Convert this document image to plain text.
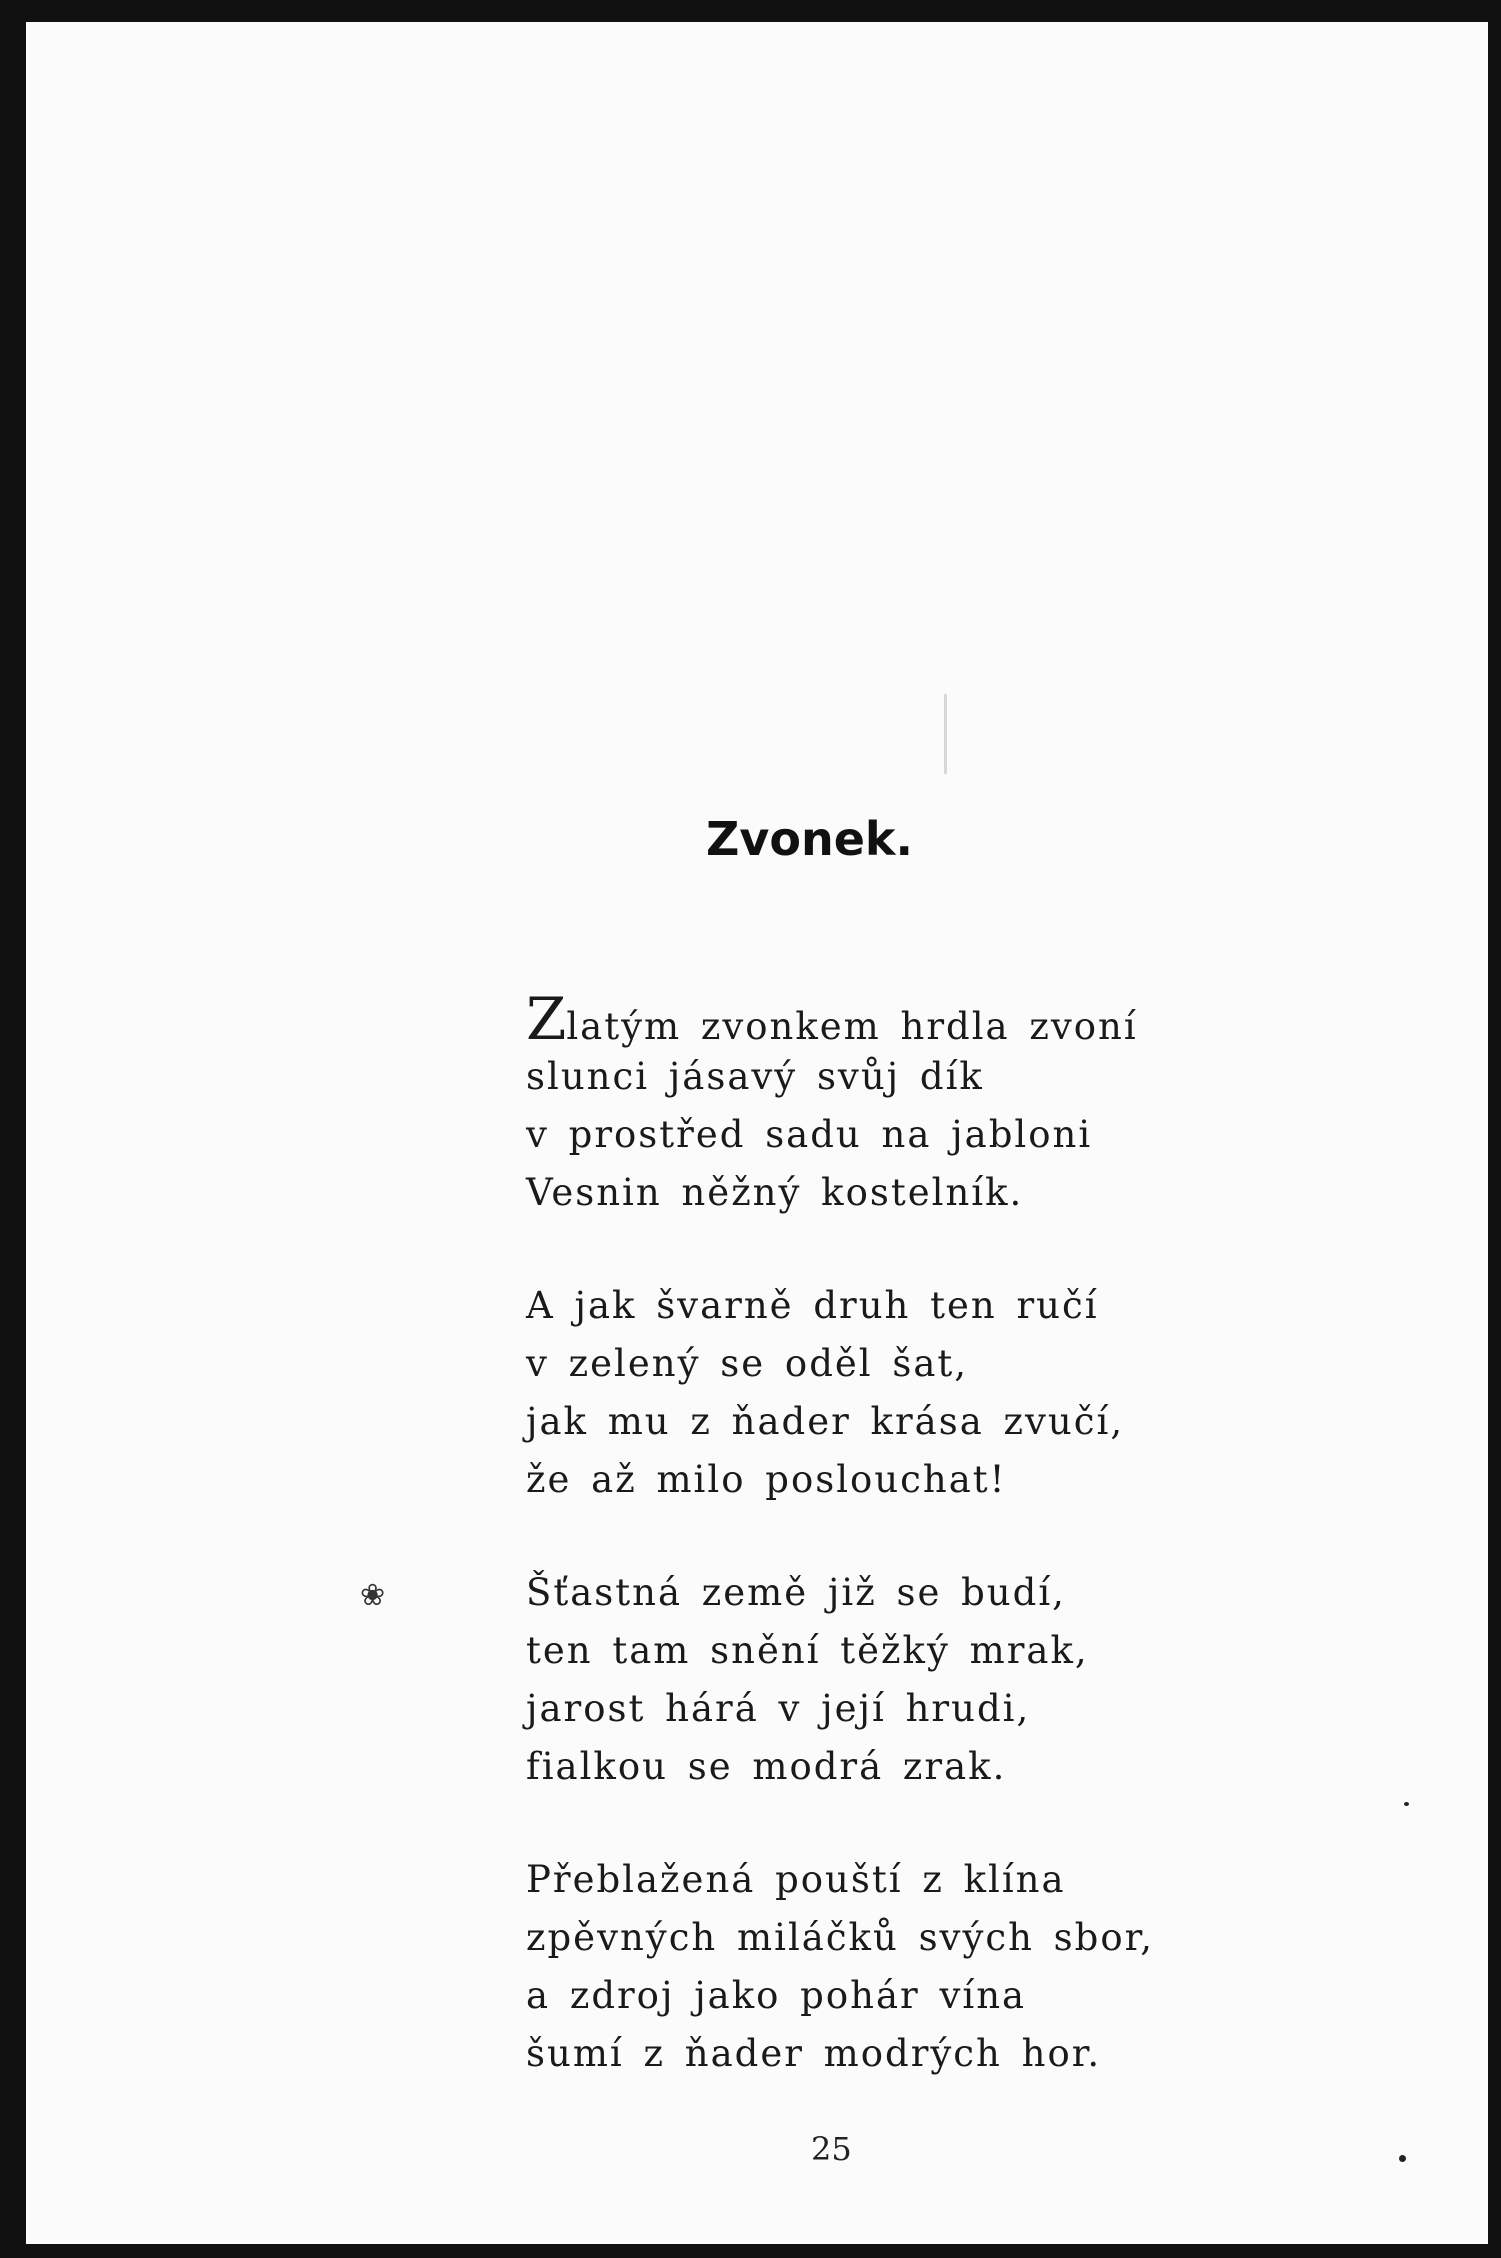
Zvonek.
Zlatým zvonkem hrdla zvoní
slunci jásavý svůj dík
v prostřed sadu na jabloni
Vesnin něžný kostelník.
A jak švarně druh ten ručí
v zelený se oděl šat,
jak mu z ňader krása zvučí,
že až milo poslouchat!
Šťastná země již se budí,
ten tam snění těžký mrak,
jarost hárá v její hrudi,
fialkou se modrá zrak.
Přeblažená pouští z klína
zpěvných miláčků svých sbor,
a zdroj jako pohár vína
šumí z ňader modrých hor.
❀
25
